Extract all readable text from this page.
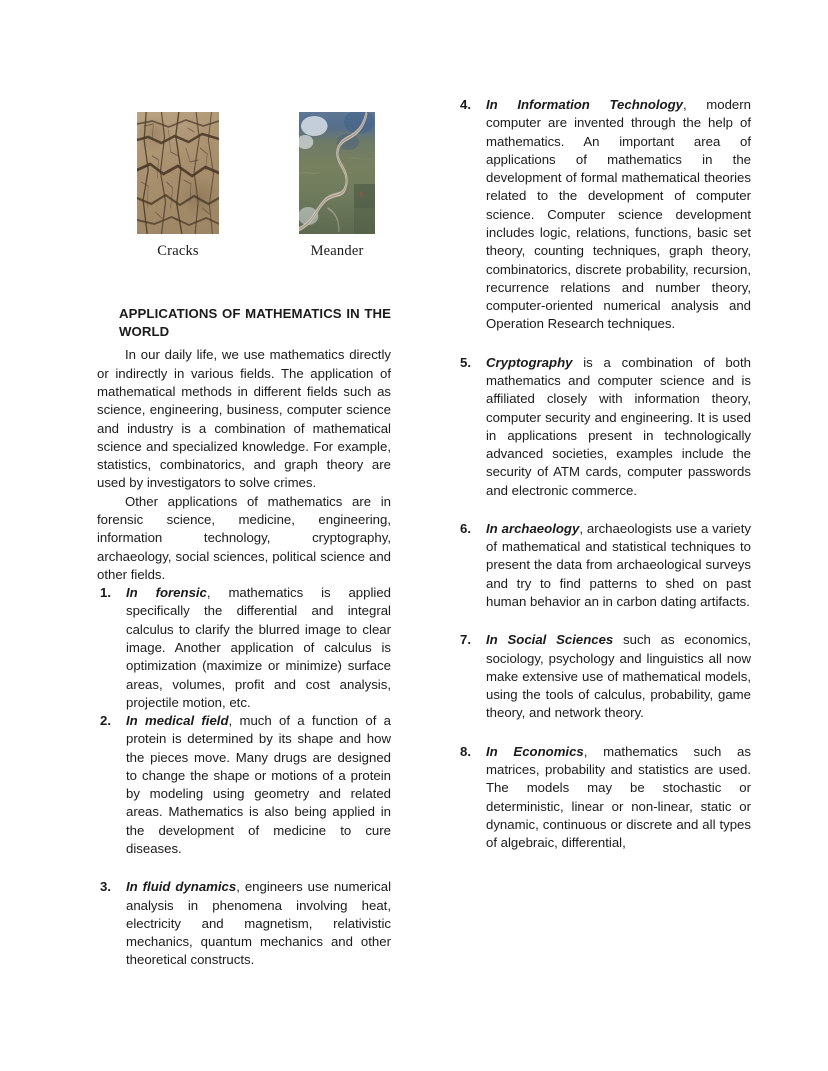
Cracks	Meander
APPLICATIONS OF MATHEMATICS IN THE WORLD

In our daily life, we use mathematics directly or indirectly in various fields. The application of mathematical methods in different fields such as science, engineering, business, computer science and industry is a combination of mathematical science and specialized knowledge. For example, statistics, combinatorics, and graph theory are used by investigators to solve crimes.

Other applications of mathematics are in forensic science, medicine, engineering, information technology, cryptography, archaeology, social sciences, political science and other fields.

1. In forensic, mathematics is applied specifically the differential and integral calculus to clarify the blurred image to clear image. Another application of calculus is optimization (maximize or minimize) surface areas, volumes, profit and cost analysis, projectile motion, etc.
2. In medical field, much of a function of a protein is determined by its shape and how the pieces move. Many drugs are designed to change the shape or motions of a protein by modeling using geometry and related areas. Mathematics is also being applied in the development of medicine to cure diseases.
3. In fluid dynamics, engineers use numerical analysis in phenomena involving heat, electricity and magnetism, relativistic mechanics, quantum mechanics and other theoretical constructs.
4. In Information Technology, modern computer are invented through the help of mathematics. An important area of applications of mathematics in the development of formal mathematical theories related to the development of computer science. Computer science development includes logic, relations, functions, basic set theory, counting techniques, graph theory, combinatorics, discrete probability, recursion, recurrence relations and number theory, computer-oriented numerical analysis and Operation Research techniques.
5. Cryptography is a combination of both mathematics and computer science and is affiliated closely with information theory, computer security and engineering. It is used in applications present in technologically advanced societies, examples include the security of ATM cards, computer passwords and electronic commerce.
6. In archaeology, archaeologists use a variety of mathematical and statistical techniques to present the data from archaeological surveys and try to find patterns to shed on past human behavior an in carbon dating artifacts.
7. In Social Sciences such as economics, sociology, psychology and linguistics all now make extensive use of mathematical models, using the tools of calculus, probability, game theory, and network theory.
8. In Economics, mathematics such as matrices, probability and statistics are used. The models may be stochastic or deterministic, linear or non-linear, static or dynamic, continuous or discrete and all types of algebraic, differential,
